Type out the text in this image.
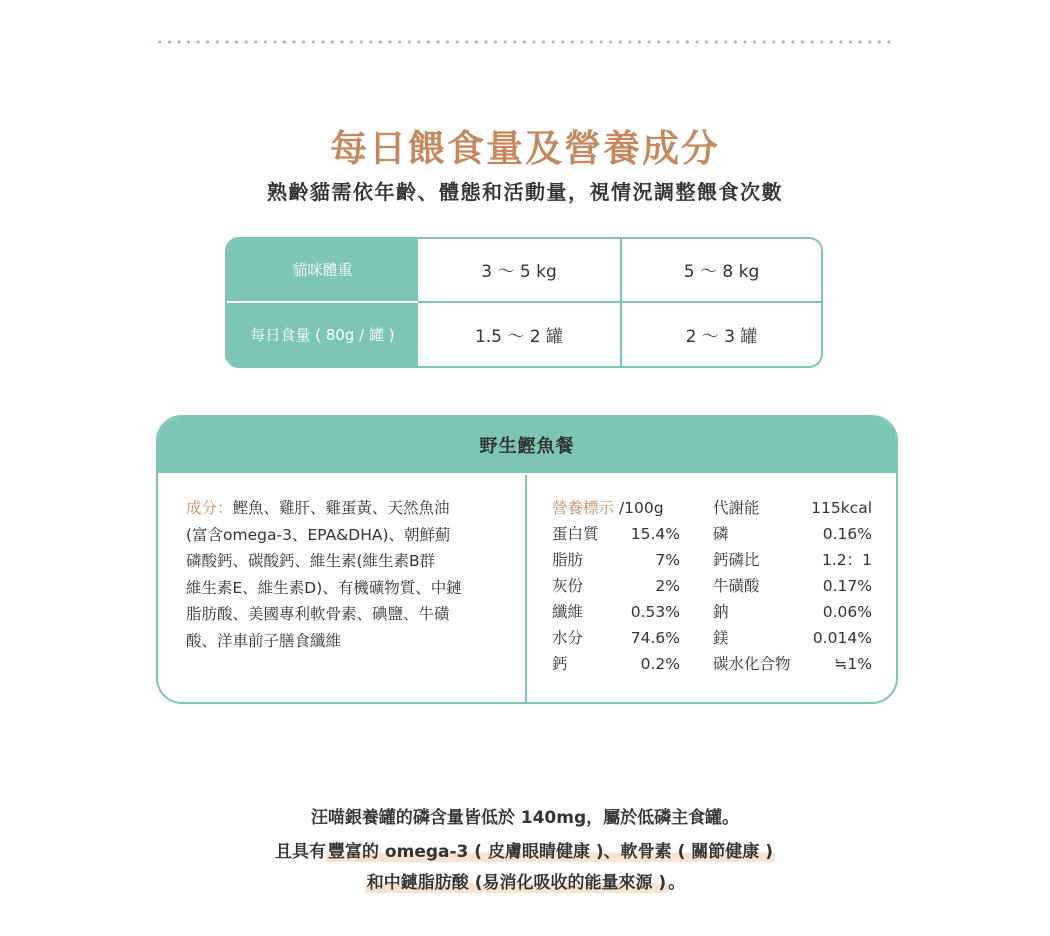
每日餵食量及營養成分
熟齡貓需依年齡、體態和活動量，視情況調整餵食次數
貓咪體重	3 ～ 5 kg	5 ～ 8 kg
每日食量 ( 80g / 罐 )	1.5 ～ 2 罐	2 ～ 3 罐
野生鰹魚餐
成分：鰹魚、雞肝、雞蛋黃、天然魚油
(富含omega-3、EPA&DHA)、朝鮮薊
磷酸鈣、碳酸鈣、維生素(維生素B群
維生素E、維生素D)、有機礦物質、中鏈
脂肪酸、美國專利軟骨素、碘鹽、牛磺
酸、洋車前子膳食纖維
營養標示 /100g
蛋白質 15.4%
脂肪	7%
灰份	2%
纖維	0.53%
水分	74.6%
鈣	0.2%
代謝能	115kcal
磷	0.16%
鈣磷比	1.2：1
牛磺酸	0.17%
鈉	0.06%
鎂	0.014%
碳水化合物	≒1%
汪喵銀養罐的磷含量皆低於 140mg，屬於低磷主食罐。
且具有 豐富的 omega-3 ( 皮膚眼睛健康 )、軟骨素 ( 關節健康 )
和中鏈脂肪酸 (易消化吸收的能量來源 ) 。
